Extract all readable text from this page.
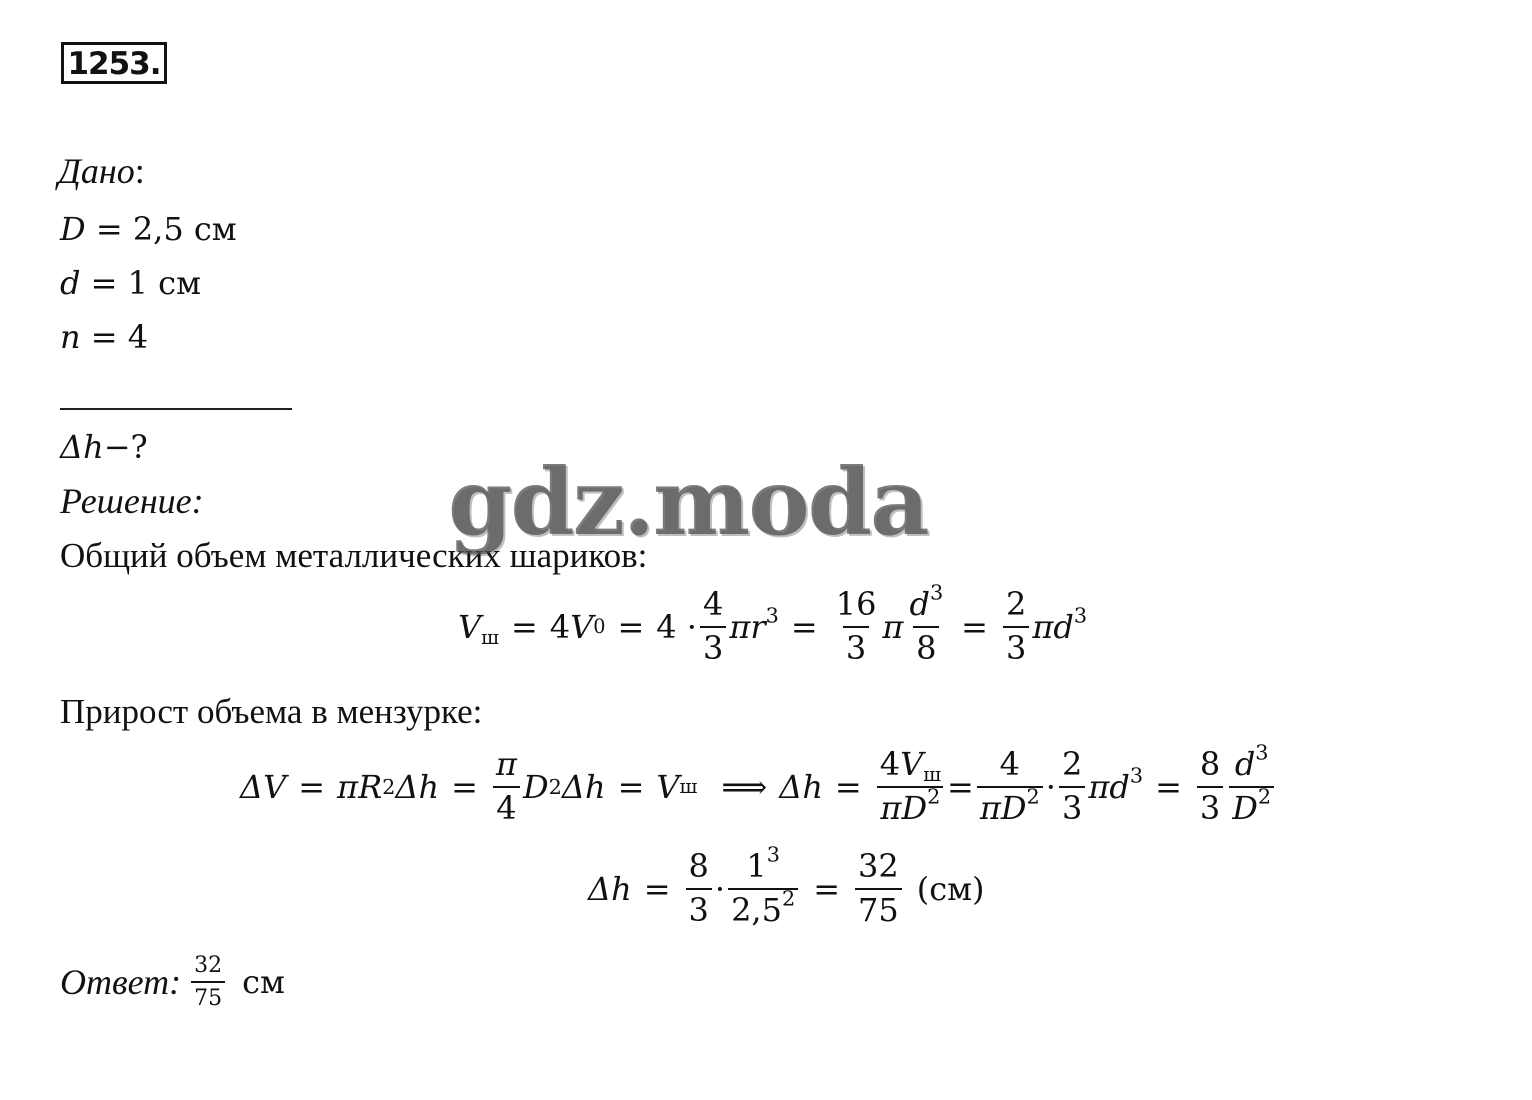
1253.
Дано:
D = 2,5 см
d = 1 см
n = 4
Δh−?
Решение:
Общий объем металлических шариков:
$V_ш = 4$ V $0 = 4 \cdot \frac{4}{3} \pi r^3 = \frac{16}{3}$ π $\frac{d^3}{8} = \frac{2}{3} \pi d^3$
Прирост объема в мензурке:
ΔV = πR 2 $\Delta h = \frac{\pi}{4}$ D 2 Δh = V ш ⟹ $\Delta h = \frac{4V_ш}{\pi D^2} = \frac{4}{\pi D^2} \cdot \frac{2}{3} \pi d^3 = \frac{8}{3} \frac{d^3}{D^2}$
$\Delta h = \frac{8}{3} \cdot \frac{1^3}{2,5^2} = \frac{32}{75} (см)$
Ответ: $\frac{32}{75}$ см
gdz.moda
